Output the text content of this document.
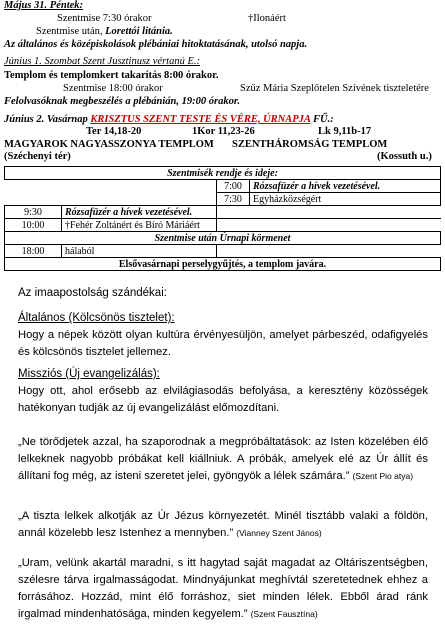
Május 31. Péntek:
Szentmise 7:30 órakor	†Ilonáért
Szentmise után, Lorettói litánia.
Az általános és középiskolások plébániai hitoktatásának, utolsó napja.
Június 1. Szombat Szent Jusztinusz vértanú E.:
Templom és templomkert takarítás 8:00 órakor.
Szentmise 18:00 órakor	Szűz Mária Szeplőtelen Szívének tiszteletére
Felolvasóknak megbeszélés a plébánián, 19:00 órakor.
Június 2. Vasárnap KRISZTUS SZENT TESTE ÉS VÉRE, ÚRNAPJA FŰ.:
Ter 14,18-20	1Kor 11,23-26	Lk 9,11b-17
MAGYAROK NAGYASSZONYA TEMPLOM SZENTHÁROMSÁG TEMPLOM
(Széchenyi tér)	(Kossuth u.)
Szentmisék rendje és ideje:			
		7:00	Rózsafüzér a hívek vezetésével.
		7:30	Egyházközségért
9:30	Rózsafüzér a hívek vezetésével.		
10:00	†Fehér Zoltánért és Bíró Máriáért		
Szentmise után Úrnapi körmenet			
18:00	hálaból		
Elsővasárnapi perselygyűjtés, a templom javára.			
Az imaapostolság szándékai:
Általános (Kölcsönös tisztelet):
Hogy a népek között olyan kultúra érvényesüljön, amelyet párbeszéd, odafigyelés és kölcsönös tisztelet jellemez.
Missziós (Új evangelizálás):
Hogy ott, ahol erősebb az elvilágiasodás befolyása, a keresztény közösségek hatékonyan tudják az új evangelizálást előmozdítani.
„Ne törődjetek azzal, ha szaporodnak a megpróbáltatások: az Isten közelében élő lelkeknek nagyobb próbákat kell kiállniuk. A próbák, amelyek elé az Úr állít és állítani fog még, az isteni szeretet jelei, gyöngyök a lélek számára.” (Szent Pio atya)
„A tiszta lelkek alkotják az Úr Jézus környezetét. Minél tisztább valaki a földön, annál közelebb lesz Istenhez a mennyben.” (Vianney Szent János)
„Uram, velünk akartál maradni, s itt hagytad saját magadat az Oltáriszentségben, szélesre tárva irgalmasságodat. Mindnyájunkat meghívtál szeretetednek ehhez a forrásához. Hozzád, mint élő forráshoz, siet minden lélek. Ebből árad ránk irgalmad mindenhatósága, minden kegyelem.” (Szent Fausztína)
